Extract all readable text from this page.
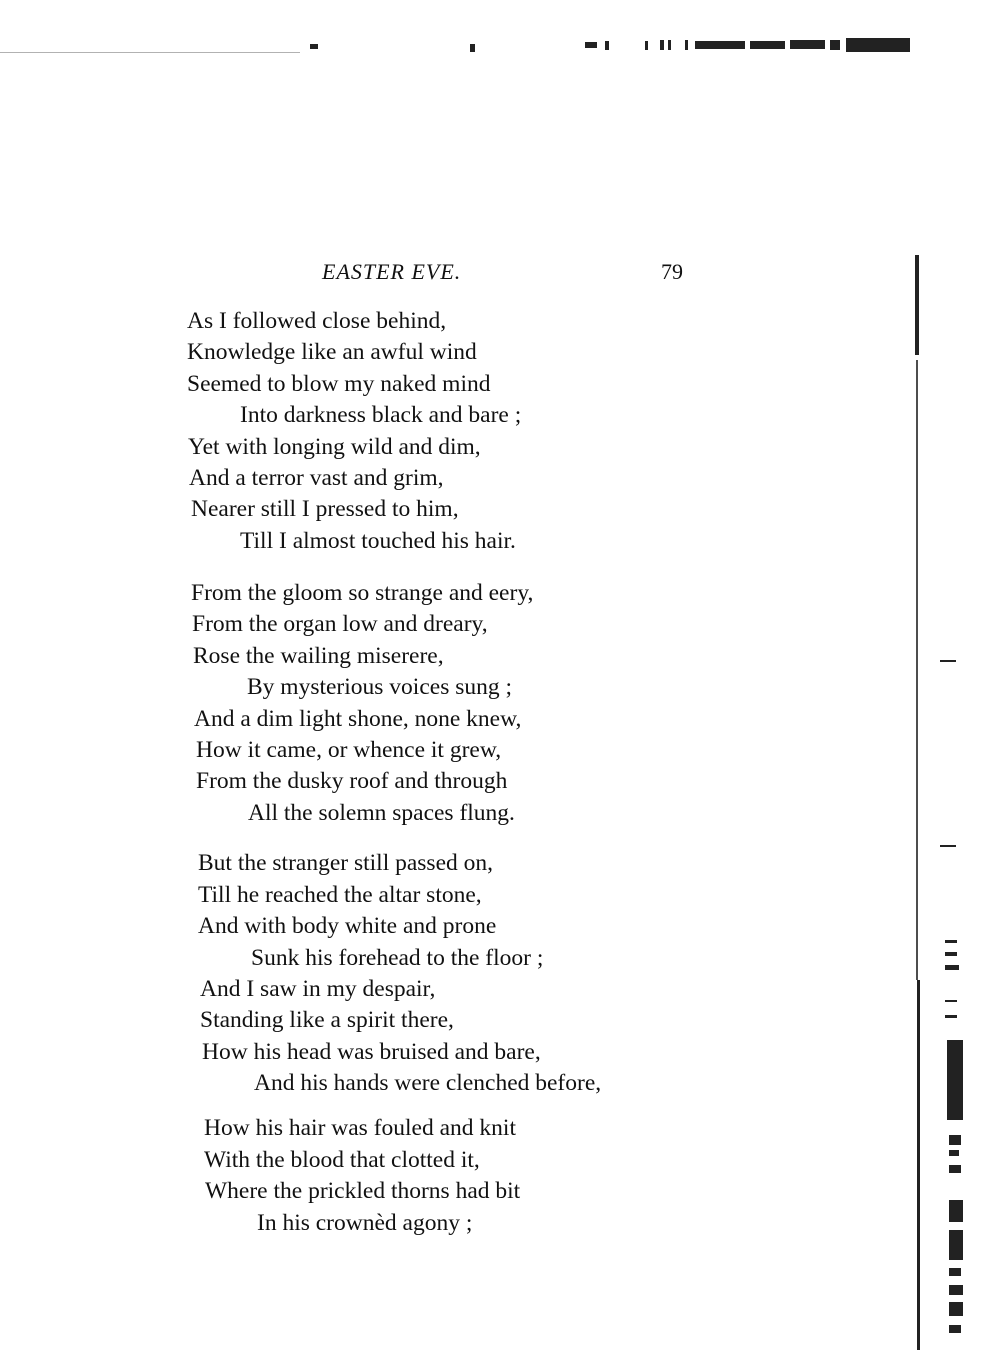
EASTER EVE.	79
As I followed close behind,
Knowledge like an awful wind
Seemed to blow my naked mind
Into darkness black and bare ;
Yet with longing wild and dim,
And a terror vast and grim,
Nearer still I pressed to him,
Till I almost touched his hair.
From the gloom so strange and eery,
From the organ low and dreary,
Rose the wailing miserere,
By mysterious voices sung ;
And a dim light shone, none knew,
How it came, or whence it grew,
From the dusky roof and through
All the solemn spaces flung.
But the stranger still passed on,
Till he reached the altar stone,
And with body white and prone
Sunk his forehead to the floor ;
And I saw in my despair,
Standing like a spirit there,
How his head was bruised and bare,
And his hands were clenched before,
How his hair was fouled and knit
With the blood that clotted it,
Where the prickled thorns had bit
In his crownèd agony ;
